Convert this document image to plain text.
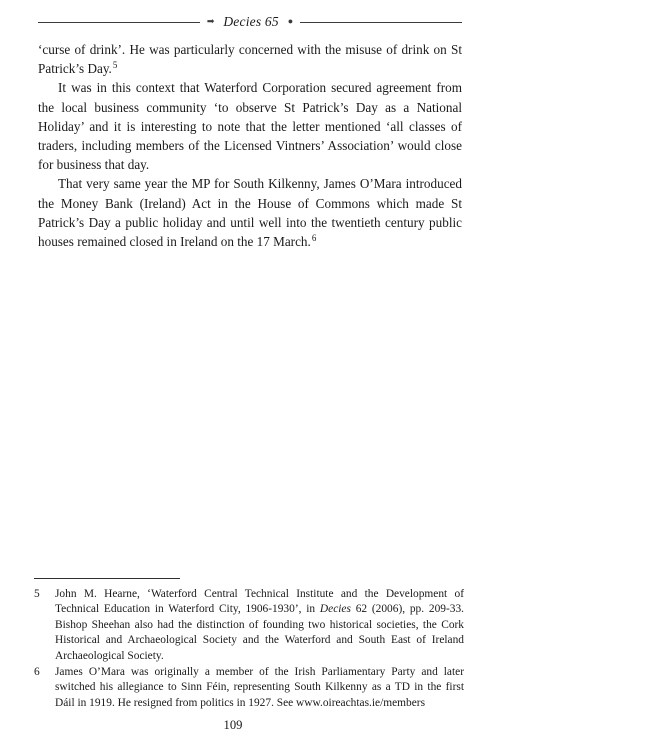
➡ Decies 65 ●

‘curse of drink’. He was particularly concerned with the misuse of drink on St Patrick’s Day.$^5$

It was in this context that Waterford Corporation secured agreement from the local business community ‘to observe St Patrick’s Day as a National Holiday’ and it is interesting to note that the letter mentioned ‘all classes of traders, including members of the Licensed Vintners’ Association’ would close for business that day.

That very same year the MP for South Kilkenny, James O’Mara introduced the Money Bank (Ireland) Act in the House of Commons which made St Patrick’s Day a public holiday and until well into the twentieth century public houses remained closed in Ireland on the 17 March.$^6$

5	John M. Hearne, ‘Waterford Central Technical Institute and the Development of Technical Education in Waterford City, 1906-1930’, in Decies 62 (2006), pp. 209-33. Bishop Sheehan also had the distinction of founding two historical societies, the Cork Historical and Archaeological Society and the Waterford and South East of Ireland Archaeological Society.
6	James O’Mara was originally a member of the Irish Parliamentary Party and later switched his allegiance to Sinn Féin, representing South Kilkenny as a TD in the first Dáil in 1919. He resigned from politics in 1927. See www.oireachtas.ie/members
109
